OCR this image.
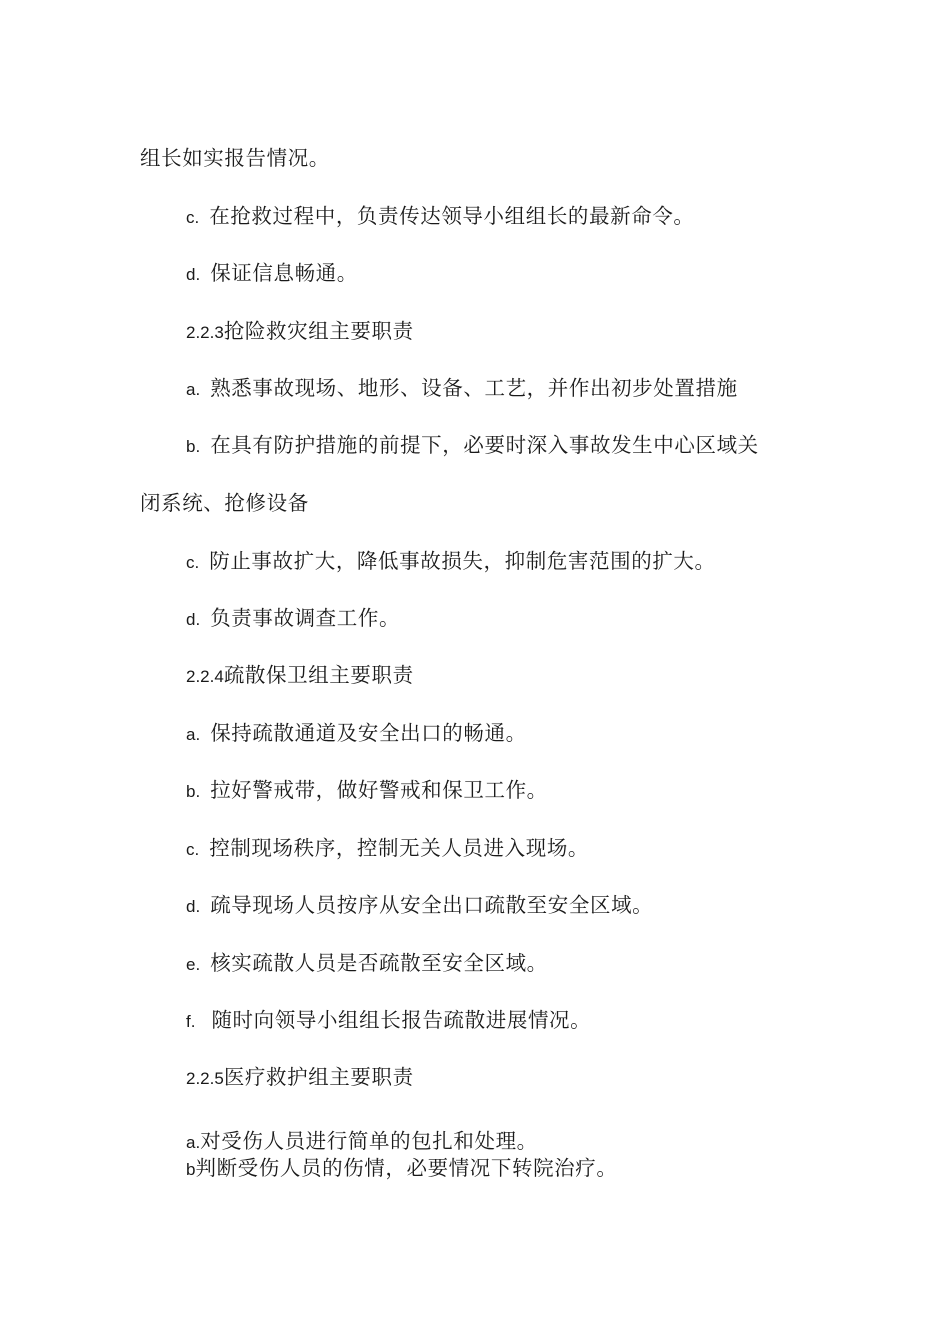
组长如实报告情况。
c. 在抢救过程中，负责传达领导小组组长的最新命令。
d. 保证信息畅通。
2.2.3抢险救灾组主要职责
a. 熟悉事故现场、地形、设备、工艺，并作出初步处置措施
b. 在具有防护措施的前提下，必要时深入事故发生中心区域关
闭系统、抢修设备
c. 防止事故扩大，降低事故损失，抑制危害范围的扩大。
d. 负责事故调查工作。
2.2.4疏散保卫组主要职责
a. 保持疏散通道及安全出口的畅通。
b. 拉好警戒带，做好警戒和保卫工作。
c. 控制现场秩序，控制无关人员进入现场。
d. 疏导现场人员按序从安全出口疏散至安全区域。
e. 核实疏散人员是否疏散至安全区域。
f. 随时向领导小组组长报告疏散进展情况。
2.2.5医疗救护组主要职责
a.对受伤人员进行简单的包扎和处理。
b判断受伤人员的伤情，必要情况下转院治疗。
